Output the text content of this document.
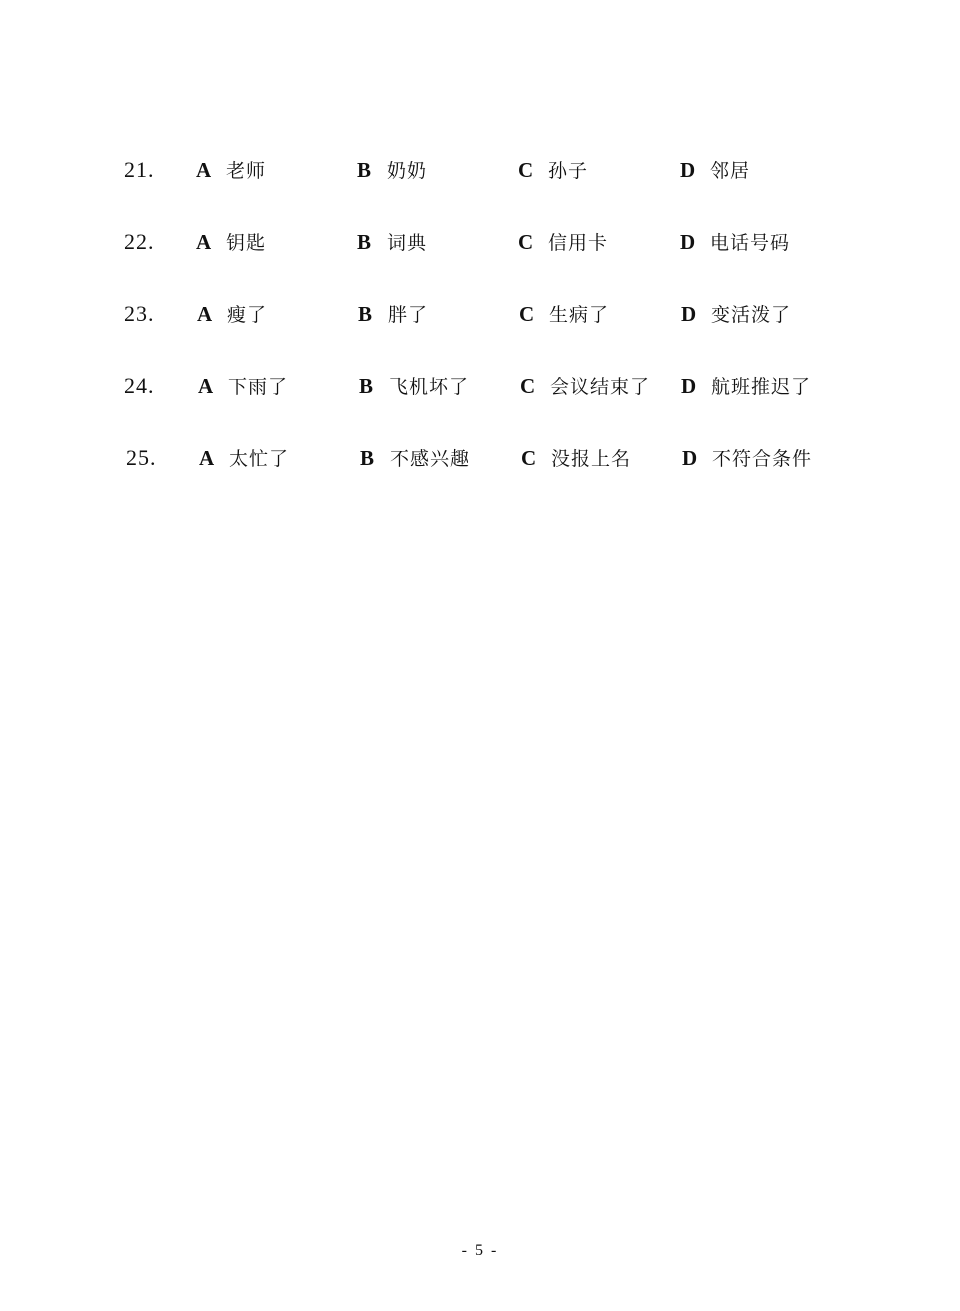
21. A 老师	B 奶奶	C 孙子	D 邻居
22. A 钥匙	B 词典	C 信用卡	D 电话号码
23. A 瘦了	B 胖了	C 生病了	D 变活泼了
24. A 下雨了	B 飞机坏了 C 会议结束了 D 航班推迟了
25. A 太忙了	B 不感兴趣 C 没报上名 D 不符合条件
- 5 -
